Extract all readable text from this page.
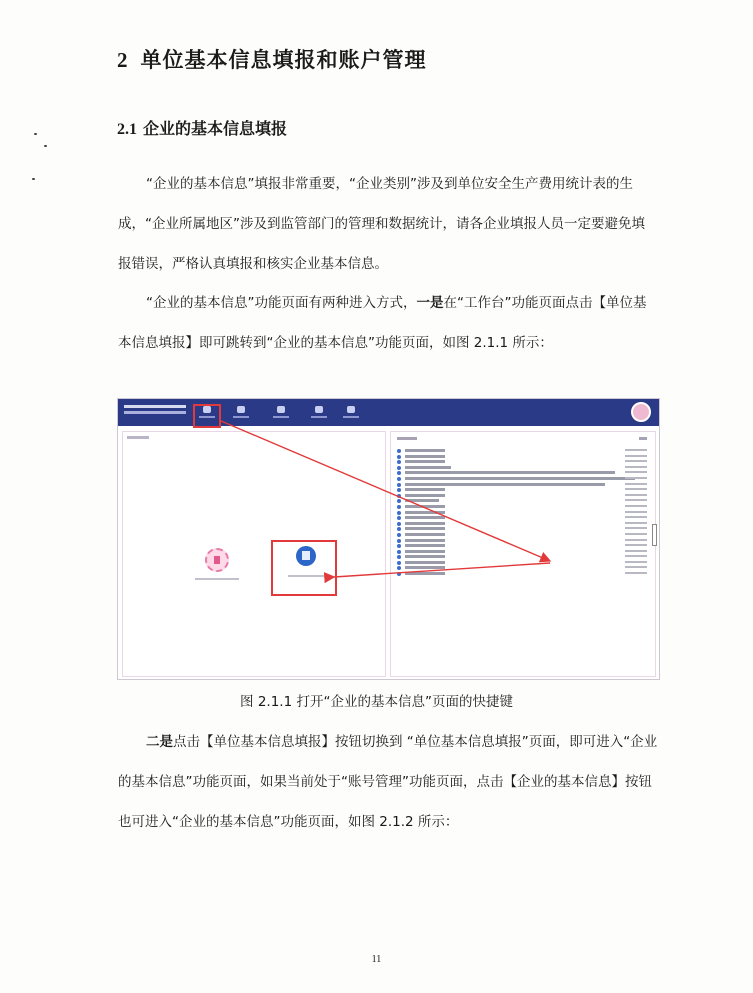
2 单位基本信息填报和账户管理
2.1 企业的基本信息填报
“企业的基本信息”填报非常重要，“企业类别”涉及到单位安全生产费用统计表的生成，“企业所属地区”涉及到监管部门的管理和数据统计，请各企业填报人员一定要避免填报错误，严格认真填报和核实企业基本信息。
“企业的基本信息”功能页面有两种进入方式，一是在“工作台”功能页面点击【单位基本信息填报】即可跳转到“企业的基本信息”功能页面，如图 2.1.1 所示：
图 2.1.1 打开“企业的基本信息”页面的快捷键
二是点击【单位基本信息填报】按钮切换到 “单位基本信息填报”页面，即可进入“企业的基本信息”功能页面，如果当前处于“账号管理”功能页面，点击【企业的基本信息】按钮也可进入“企业的基本信息”功能页面，如图 2.1.2 所示：
11
